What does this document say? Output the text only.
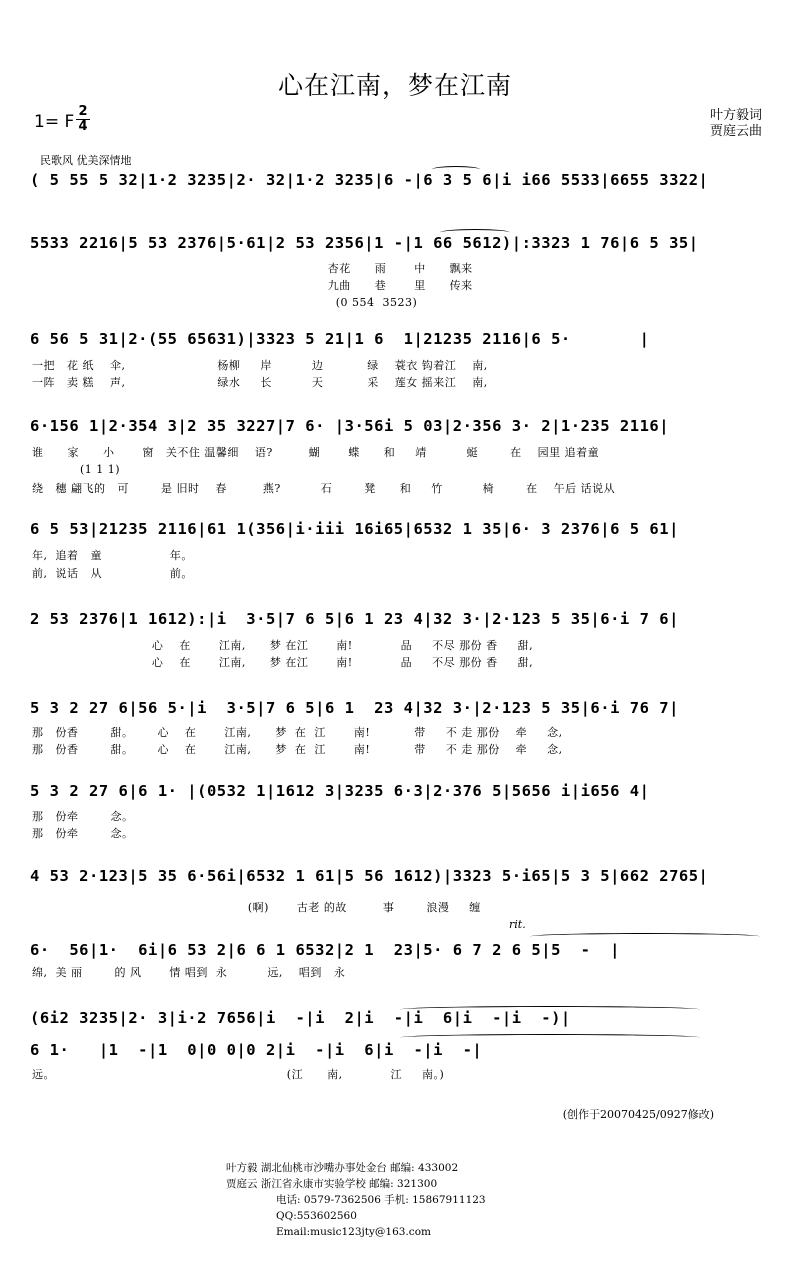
心在江南，梦在江南
1= F
2
4
叶方毅词
贾庭云曲
民歌风 优美深情地
( 5 55 5 32|1·2 3235|2· 32|1·2 3235|6 -|6 3 5 6|i i66 5533|6655 3322|
5533 2216|5 53 2376|5·61|2 53 2356|1 -|1 66 5612)|:3323 1 76|6 5 35|
6 56 5 31|2·(55 65631)|3323 5 21|1 6  1|21235 2116|6 5·       |
6·156 1|2·354 3|2 35 3227|7 6· |3·56i 5 03|2·356 3· 2|1·235 2116|
6 5 53|21235 2116|61 1(356|i·iii 16i65|6532 1 35|6· 3 2376|6 5 61|
2 53 2376|1 1612):|i  3·5|7 6 5|6 1 23 4|32 3·|2·123 5 35|6·i 7 6|
5 3 2 27 6|56 5·|i  3·5|7 6 5|6 1  23 4|32 3·|2·123 5 35|6·i 76 7|
5 3 2 27 6|6 1· |(0532 1|1612 3|3235 6·3|2·376 5|5656 i|i656 4|
4 53 2·123|5 35 6·56i|6532 1 61|5 56 1612)|3323 5·i65|5 3 5|662 2765|
6·  56|1·  6i|6 53 2|6 6 1 6532|2 1  23|5· 6 7 2 6 5|5  -  |
(6i2 3235|2· 3|i·2 7656|i  -|i  2|i  -|i  6|i  -|i  -)|
6 1·   |1  -|1  0|0 0|0 2|i  -|i  6|i  -|i  -|
杏花      雨       中      飘来
九曲      巷       里      传来
(0 554  3523)
一把   花 纸    伞,                       杨柳     岸          边           绿    蓑衣 钩着江    南,
一阵   卖 糕    声,                       绿水     长          天           采    莲女 摇来江    南,
谁      家      小       窗   关不住 温馨细    语?         蝴       蝶      和     靖          蜓        在    园里 追着童
(1 1 1)
绕   穗 翩飞的   可        是 旧时    春         燕?          石        凳      和     竹          椅        在    午后 话说从
年,  追着   童                 年。
前,  说话   从                 前。
心    在       江南,      梦 在江       南!            品     不尽 那份 香     甜,
心    在       江南,      梦 在江       南!            品     不尽 那份 香     甜,
那   份香        甜。      心    在       江南,      梦  在  江       南!           带     不 走 那份    牵     念,
那   份香        甜。      心    在       江南,      梦  在  江       南!           带     不 走 那份    牵     念,
那   份牵        念。
那   份牵        念。
(啊)       古老 的故         事        浪漫     缠
绵,  美 丽        的 风       情 唱到  永          远,    唱到   永
远。                                                          (江      南,            江     南。)
rit.
(创作于20070425/0927修改)
叶方毅 湖北仙桃市沙嘴办事处金台 邮编: 433002
贾庭云 浙江省永康市实验学校 邮编: 321300
电话: 0579-7362506 手机: 15867911123
QQ:553602560
Email:music123jty@163.com
